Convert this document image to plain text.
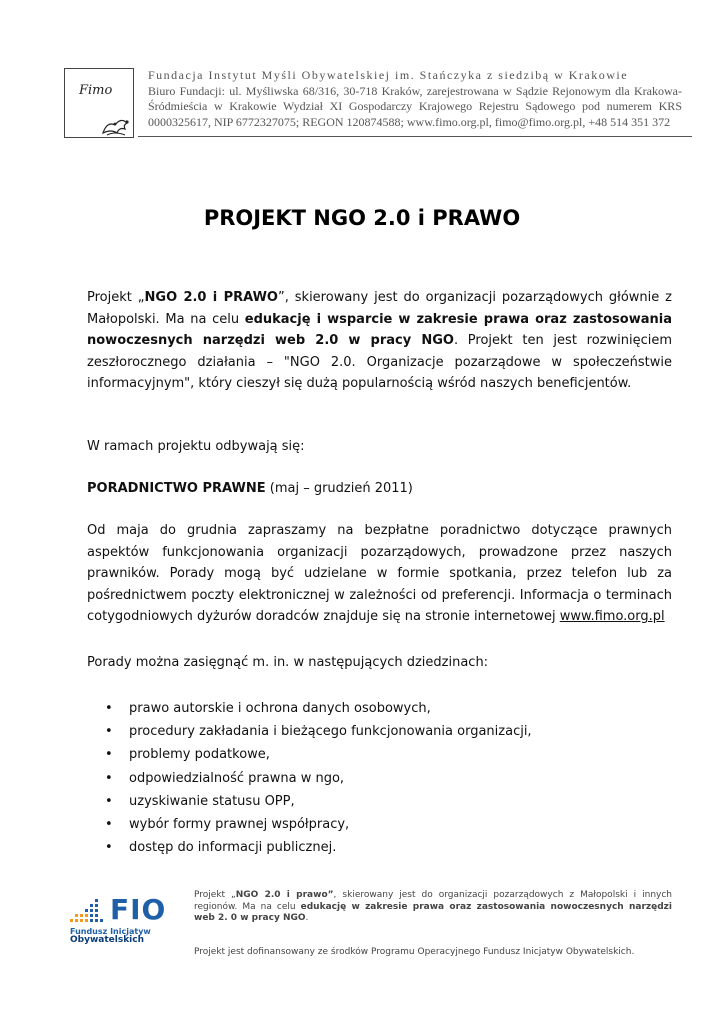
Fimo
Fundacja Instytut Myśli Obywatelskiej im. Stańczyka z siedzibą w Krakowie
Biuro Fundacji: ul. Myśliwska 68/316, 30-718 Kraków, zarejestrowana w Sądzie Rejonowym dla Krakowa-Śródmieścia w Krakowie Wydział XI Gospodarczy Krajowego Rejestru Sądowego pod numerem KRS 0000325617, NIP 6772327075; REGON 120874588; www.fimo.org.pl, fimo@fimo.org.pl, +48 514 351 372
PROJEKT NGO 2.0 i PRAWO
Projekt „NGO 2.0 i PRAWO”, skierowany jest do organizacji pozarządowych głównie z Małopolski. Ma na celu edukację i wsparcie w zakresie prawa oraz zastosowania nowoczesnych narzędzi web 2.0 w pracy NGO. Projekt ten jest rozwinięciem zeszłorocznego działania – "NGO 2.0. Organizacje pozarządowe w społeczeństwie informacyjnym", który cieszył się dużą popularnością wśród naszych beneficjentów.
W ramach projektu odbywają się:
PORADNICTWO PRAWNE (maj – grudzień 2011)
Od maja do grudnia zapraszamy na bezpłatne poradnictwo dotyczące prawnych aspektów funkcjonowania organizacji pozarządowych, prowadzone przez naszych prawników. Porady mogą być udzielane w formie spotkania, przez telefon lub za pośrednictwem poczty elektronicznej w zależności od preferencji. Informacja o terminach cotygodniowych dyżurów doradców znajduje się na stronie internetowej www.fimo.org.pl
Porady można zasięgnąć m. in. w następujących dziedzinach:
• prawo autorskie i ochrona danych osobowych,
• procedury zakładania i bieżącego funkcjonowania organizacji,
• problemy podatkowe,
• odpowiedzialność prawna w ngo,
• uzyskiwanie statusu OPP,
• wybór formy prawnej współpracy,
• dostęp do informacji publicznej.
FIO
Fundusz Inicjatyw
Obywatelskich
Projekt „NGO 2.0 i prawo”, skierowany jest do organizacji pozarządowych z Małopolski i innych regionów. Ma na celu edukację w zakresie prawa oraz zastosowania nowoczesnych narzędzi web 2. 0 w pracy NGO.
Projekt jest dofinansowany ze środków Programu Operacyjnego Fundusz Inicjatyw Obywatelskich.
